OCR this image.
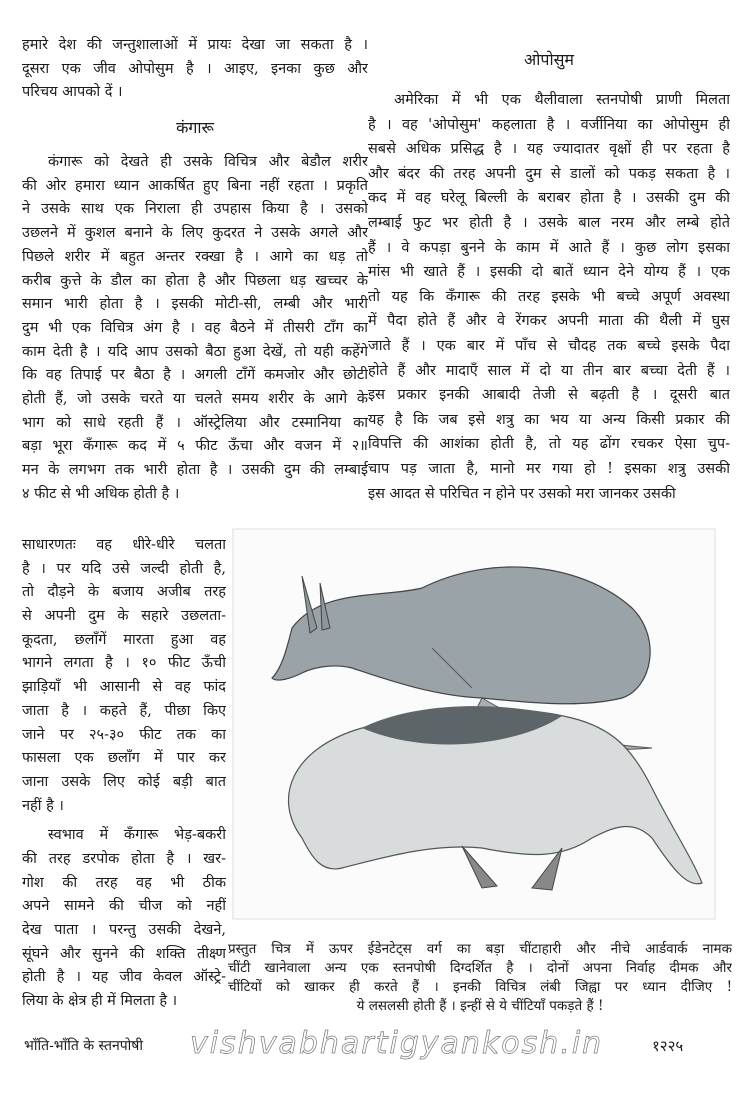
हमारे देश की जन्तुशालाओं में प्रायः देखा जा सकता है ।
दूसरा एक जीव ओपोसुम है । आइए, इनका कुछ और
परिचय आपको दें ।
कंगारू
कंगारू को देखते ही उसके विचित्र और बेडौल शरीर
की ओर हमारा ध्यान आकर्षित हुए बिना नहीं रहता । प्रकृति
ने उसके साथ एक निराला ही उपहास किया है । उसको
उछलने में कुशल बनाने के लिए कुदरत ने उसके अगले और
पिछले शरीर में बहुत अन्तर रक्खा है । आगे का धड़ तो
करीब कुत्ते के डौल का होता है और पिछला धड़ खच्चर के
समान भारी होता है । इसकी मोटी-सी, लम्बी और भारी
दुम भी एक विचित्र अंग है । वह बैठने में तीसरी टाँग का
काम देती है । यदि आप उसको बैठा हुआ देखें, तो यही कहेंगे
कि वह तिपाई पर बैठा है । अगली टाँगें कमजोर और छोटी
होती हैं, जो उसके चरते या चलते समय शरीर के आगे के
भाग को साधे रहती हैं । ऑस्ट्रेलिया और टस्मानिया का
बड़ा भूरा कँगारू कद में ५ फीट ऊँचा और वजन में २॥
मन के लगभग तक भारी होता है । उसकी दुम की लम्बाई
४ फीट से भी अधिक होती है ।
साधारणतः वह धीरे-धीरे चलता
है । पर यदि उसे जल्दी होती है,
तो दौड़ने के बजाय अजीब तरह
से अपनी दुम के सहारे उछलता-
कूदता, छलाँगें मारता हुआ वह
भागने लगता है । १० फीट ऊँची
झाड़ियाँ भी आसानी से वह फांद
जाता है । कहते हैं, पीछा किए
जाने पर २५-३० फीट तक का
फासला एक छलाँग में पार कर
जाना उसके लिए कोई बड़ी बात
नहीं है ।
स्वभाव में कँगारू भेड़-बकरी
की तरह डरपोक होता है । खर-
गोश की तरह वह भी ठीक
अपने सामने की चीज को नहीं
देख पाता । परन्तु उसकी देखने,
सूंघने और सुनने की शक्ति तीक्ष्ण
होती है । यह जीव केवल ऑस्ट्रे-
लिया के क्षेत्र ही में मिलता है ।
अमेरिका में भी एक थैलीवाला स्तनपोषी प्राणी मिलता
है । वह 'ओपोसुम' कहलाता है । वर्जीनिया का ओपोसुम ही
सबसे अधिक प्रसिद्ध है । यह ज्यादातर वृक्षों ही पर रहता है
और बंदर की तरह अपनी दुम से डालों को पकड़ सकता है ।
कद में वह घरेलू बिल्ली के बराबर होता है । उसकी दुम की
लम्बाई फुट भर होती है । उसके बाल नरम और लम्बे होते
हैं । वे कपड़ा बुनने के काम में आते हैं । कुछ लोग इसका
मांस भी खाते हैं । इसकी दो बातें ध्यान देने योग्य हैं । एक
तो यह कि कँगारू की तरह इसके भी बच्चे अपूर्ण अवस्था
में पैदा होते हैं और वे रेंगकर अपनी माता की थैली में घुस
जाते हैं । एक बार में पाँच से चौदह तक बच्चे इसके पैदा
होते हैं और मादाएँ साल में दो या तीन बार बच्चा देती हैं ।
इस प्रकार इनकी आबादी तेजी से बढ़ती है । दूसरी बात
यह है कि जब इसे शत्रु का भय या अन्य किसी प्रकार की
विपत्ति की आशंका होती है, तो यह ढोंग रचकर ऐसा चुप-
चाप पड़ जाता है, मानो मर गया हो ! इसका शत्रु उसकी
इस आदत से परिचित न होने पर उसको मरा जानकर उसकी
ओपोसुम
प्रस्तुत चित्र में ऊपर ईडेनटेट्स वर्ग का बड़ा चींटाहारी और नीचे आर्डवार्क नामक
चींटी खानेवाला अन्य एक स्तनपोषी दिग्दर्शित है । दोनों अपना निर्वाह दीमक और
चींटियों को खाकर ही करते हैं । इनकी विचित्र लंबी जिह्वा पर ध्यान दीजिए !
ये लसलसी होती हैं । इन्हीं से ये चींटियाँ पकड़ते हैं !
भाँति-भाँति के स्तनपोषी vishvabhartigyankosh.in	१२२५
